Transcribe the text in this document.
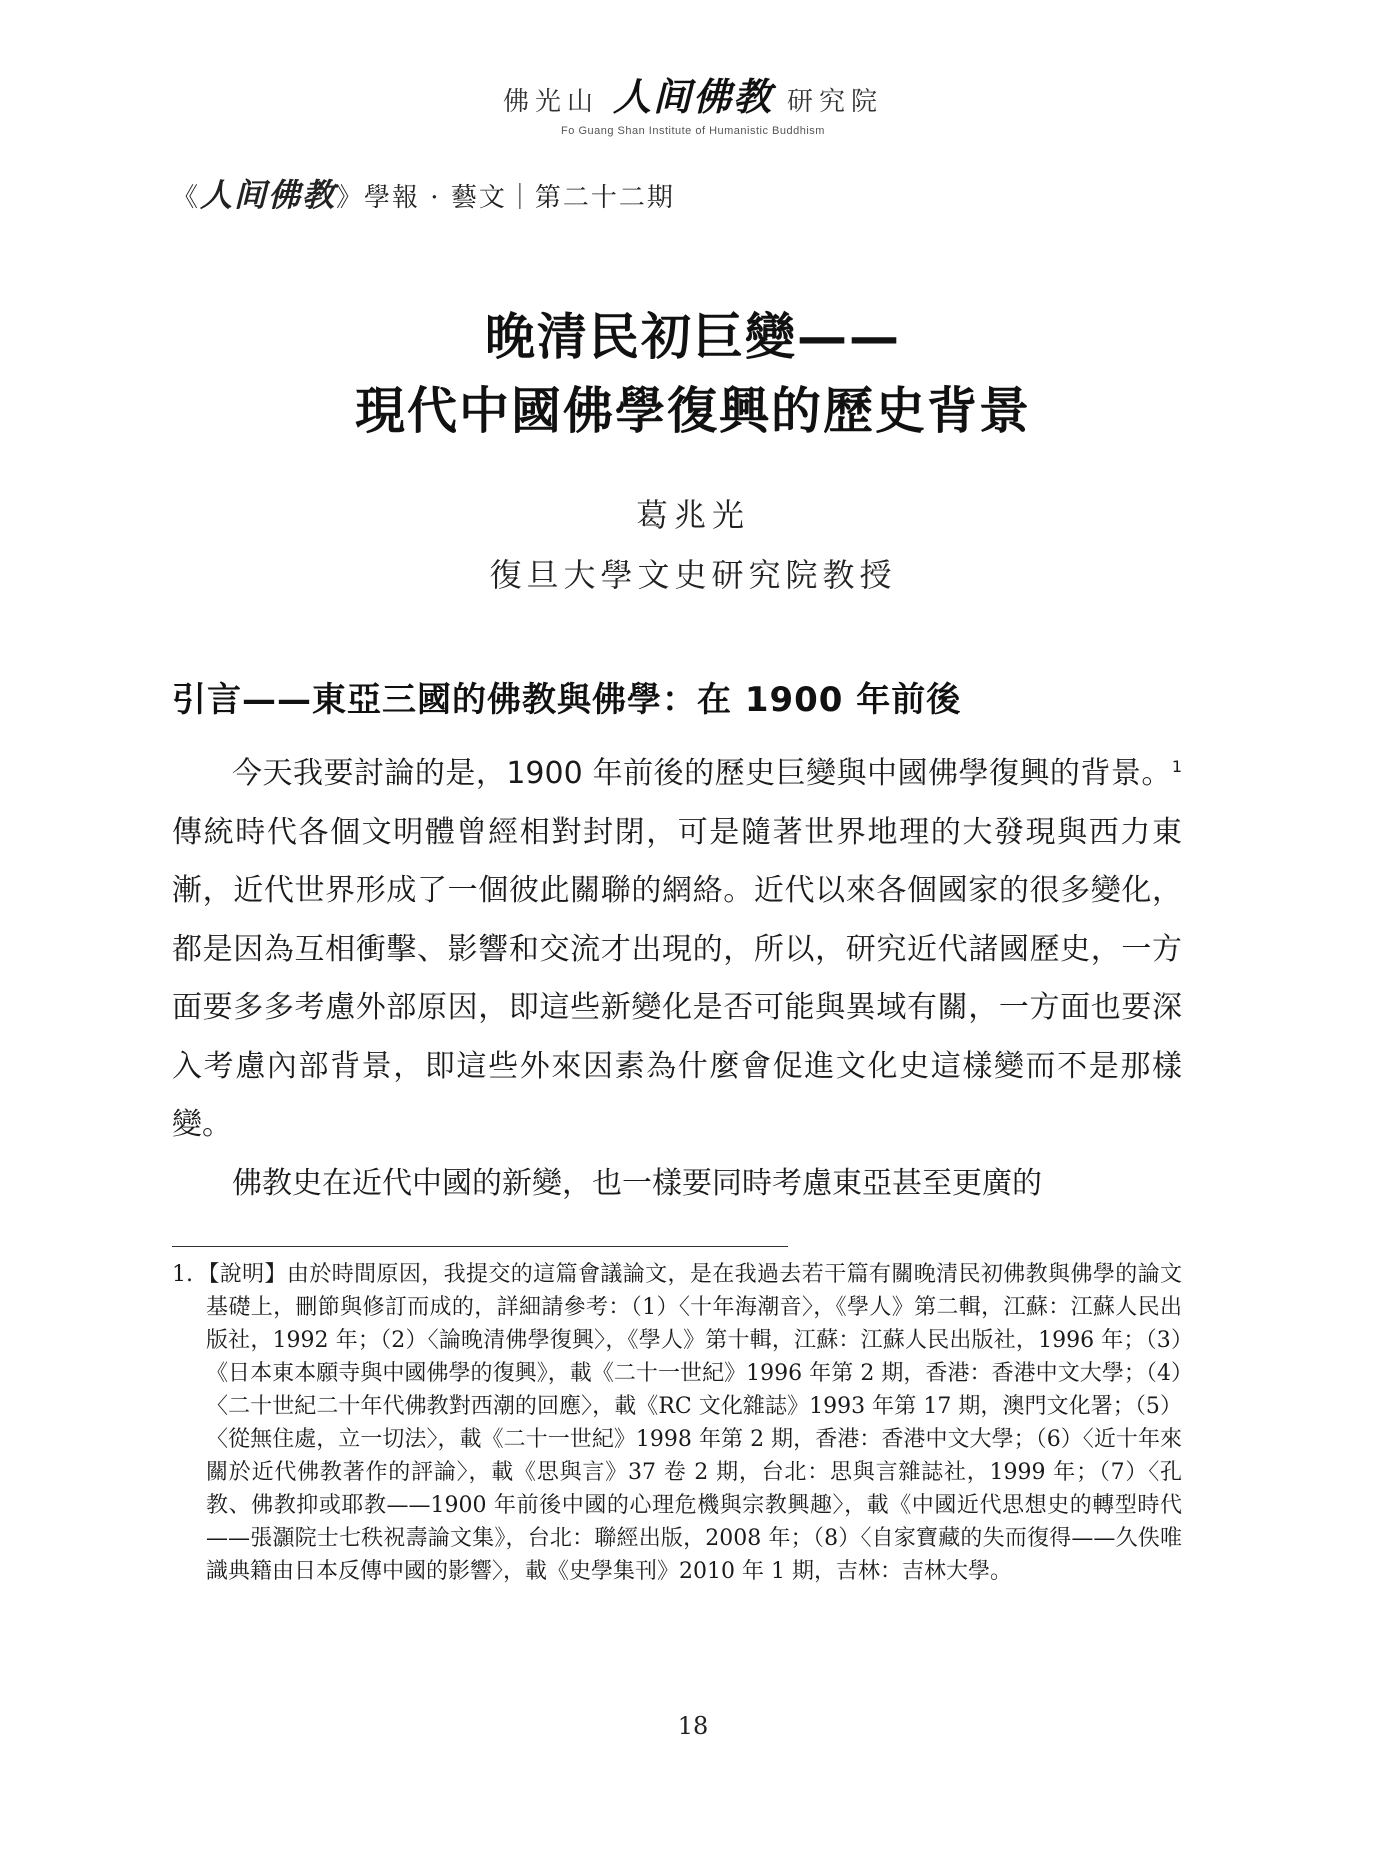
佛光山 人间佛教 研究院
Fo Guang Shan Institute of Humanistic Buddhism
《人间佛教》學報 · 藝文｜第二十二期
晚清民初巨變——
現代中國佛學復興的歷史背景
葛兆光
復旦大學文史研究院教授
引言——東亞三國的佛教與佛學：在 1900 年前後

今天我要討論的是，1900 年前後的歷史巨變與中國佛學復興的背景。$^1$ 傳統時代各個文明體曾經相對封閉，可是隨著世界地理的大發現與西力東漸，近代世界形成了一個彼此關聯的網絡。近代以來各個國家的很多變化，都是因為互相衝擊、影響和交流才出現的，所以，研究近代諸國歷史，一方面要多多考慮外部原因，即這些新變化是否可能與異域有關，一方面也要深入考慮內部背景，即這些外來因素為什麼會促進文化史這樣變而不是那樣變。

佛教史在近代中國的新變，也一樣要同時考慮東亞甚至更廣的

1. 【說明】由於時間原因，我提交的這篇會議論文，是在我過去若干篇有關晚清民初佛教與佛學的論文基礎上，刪節與修訂而成的，詳細請參考：（1）〈十年海潮音〉，《學人》第二輯，江蘇：江蘇人民出版社，1992 年；（2）〈論晚清佛學復興〉，《學人》第十輯，江蘇：江蘇人民出版社，1996 年；（3）《日本東本願寺與中國佛學的復興》，載《二十一世紀》1996 年第 2 期，香港：香港中文大學；（4）〈二十世紀二十年代佛教對西潮的回應〉，載《RC 文化雜誌》1993 年第 17 期，澳門文化署；（5）〈從無住處，立一切法〉，載《二十一世紀》1998 年第 2 期，香港：香港中文大學；（6）〈近十年來關於近代佛教著作的評論〉，載《思與言》37 卷 2 期，台北：思與言雜誌社，1999 年；（7）〈孔教、佛教抑或耶教——1900 年前後中國的心理危機與宗教興趣〉，載《中國近代思想史的轉型時代——張灝院士七秩祝壽論文集》，台北：聯經出版，2008 年；（8）〈自家寶藏的失而復得——久佚唯識典籍由日本反傳中國的影響〉，載《史學集刊》2010 年 1 期，吉林：吉林大學。
18
